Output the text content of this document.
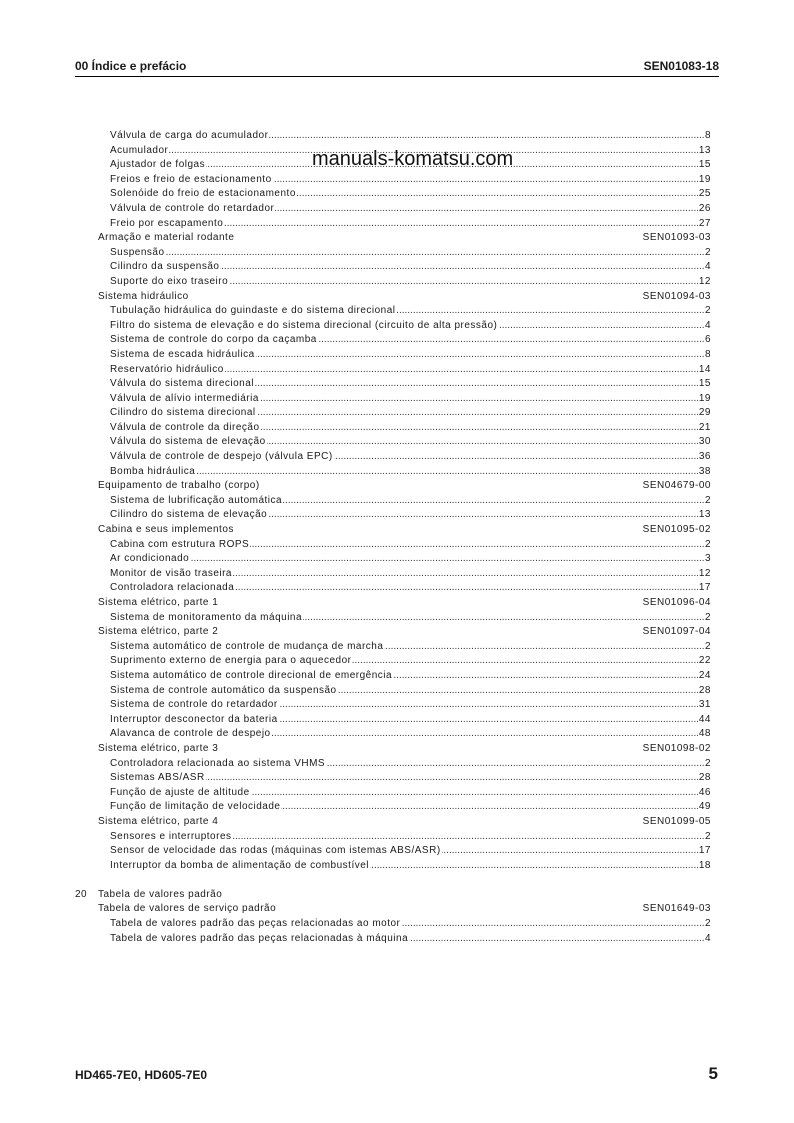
00 Índice e prefácio	SEN01083-18
manuals-komatsu.com
.....
Válvula de carga do acumulador	8
.....
Acumulador	13
.....
Ajustador de folgas	15
.....
Freios e freio de estacionamento	19
.....
Solenóide do freio de estacionamento	25
.....
Válvula de controle do retardador	26
.....
Freio por escapamento	27
Armação e material rodante	SEN01093-03
.....
Suspensão	2
.....
Cilindro da suspensão	4
.....
Suporte do eixo traseiro	12
Sistema hidráulico	SEN01094-03
.....
Tubulação hidráulica do guindaste e do sistema direcional	2
.....
Filtro do sistema de elevação e do sistema direcional (circuito de alta pressão)	4
.....
Sistema de controle do corpo da caçamba	6
.....
Sistema de escada hidráulica	8
.....
Reservatório hidráulico	14
.....
Válvula do sistema direcional	15
.....
Válvula de alívio intermediária	19
.....
Cilindro do sistema direcional	29
.....
Válvula de controle da direção	21
.....
Válvula do sistema de elevação	30
.....
Válvula de controle de despejo (válvula EPC)	36
.....
Bomba hidráulica	38
Equipamento de trabalho (corpo)	SEN04679-00
.....
Sistema de lubrificação automática	2
.....
Cilindro do sistema de elevação	13
Cabina e seus implementos	SEN01095-02
.....
Cabina com estrutura ROPS	2
.....
Ar condicionado	3
.....
Monitor de visão traseira	12
.....
Controladora relacionada	17
Sistema elétrico, parte 1	SEN01096-04
.....
Sistema de monitoramento da máquina	2
Sistema elétrico, parte 2	SEN01097-04
.....
Sistema automático de controle de mudança de marcha	2
.....
Suprimento externo de energia para o aquecedor	22
.....
Sistema automático de controle direcional de emergência	24
.....
Sistema de controle automático da suspensão	28
.....
Sistema de controle do retardador	31
.....
Interruptor desconector da bateria	44
.....
Alavanca de controle de despejo	48
Sistema elétrico, parte 3	SEN01098-02
.....
Controladora relacionada ao sistema VHMS	2
.....
Sistemas ABS/ASR	28
.....
Função de ajuste de altitude	46
.....
Função de limitação de velocidade	49
Sistema elétrico, parte 4	SEN01099-05
.....
Sensores e interruptores	2
.....
Sensor de velocidade das rodas (máquinas com istemas ABS/ASR)	17
.....
Interruptor da bomba de alimentação de combustível	18
20 Tabela de valores padrão
Tabela de valores de serviço padrão	SEN01649-03
.....
Tabela de valores padrão das peças relacionadas ao motor	2
.....
Tabela de valores padrão das peças relacionadas à máquina	4
HD465-7E0, HD605-7E0	5
